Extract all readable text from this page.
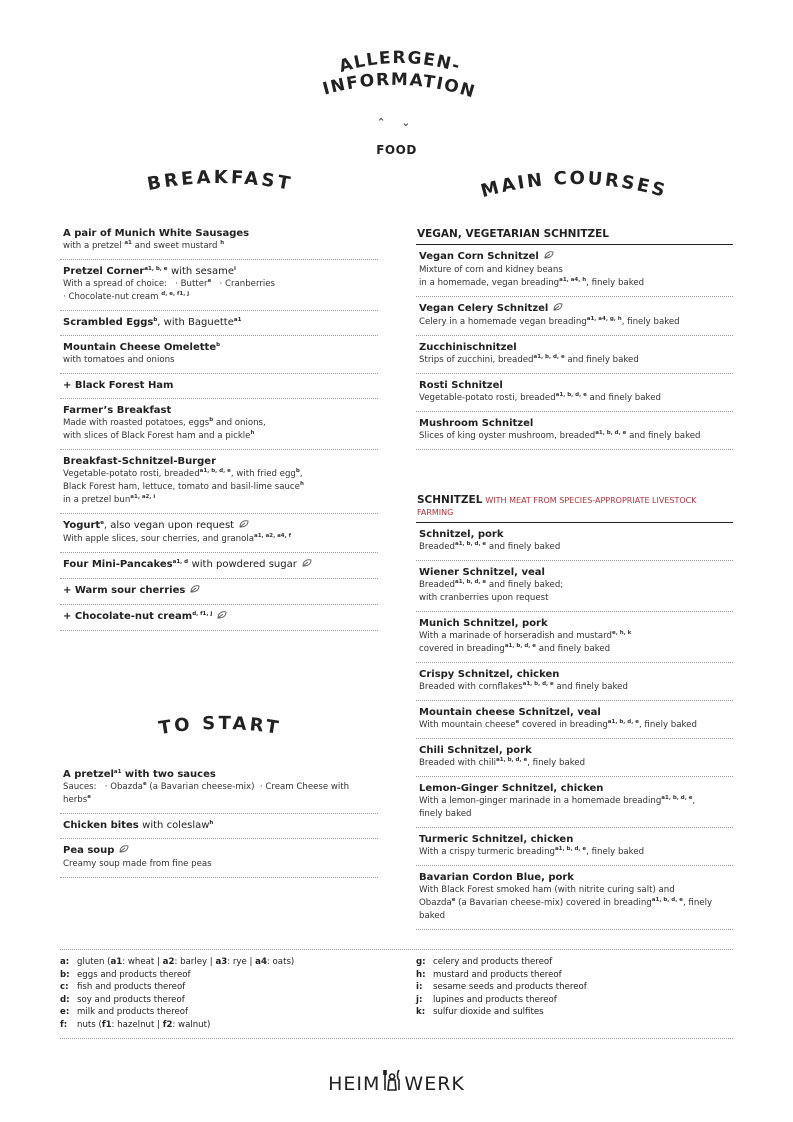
ALLERGEN-
INFORMATION
⌃ ⌄
FOOD
BREAKFAST	MAIN COURSES
TO START
A pair of Munich White Sausages
with a pretzel $^{a1}$ and sweet mustard $^h$
Pretzel Corner$^{a1, b, e}$ with sesame$^i$
With a spread of choice:   · Butter$^e$   · Cranberries
· Chocolate-nut cream $^{d, e, f1, j}$
Scrambled Eggs$^b$, with Baguette$^{a1}$
Mountain Cheese Omelette$^b$
with tomatoes and onions
+ Black Forest Ham
Farmer’s Breakfast
Made with roasted potatoes, eggs$^b$ and onions,
with slices of Black Forest ham and a pickle$^h$
Breakfast-Schnitzel-Burger
Vegetable-potato rosti, breaded$^{a1, b, d, e}$, with fried egg$^b$,
Black Forest ham, lettuce, tomato and basil-lime sauce$^h$
in a pretzel bun$^{a1, a2, i}$
Yogurt$^e$, also vegan upon request
With apple slices, sour cherries, and granola$^{a1, a2, a4, f}$
Four Mini-Pancakes$^{a1, d}$ with powdered sugar
+ Warm sour cherries
+ Chocolate-nut cream$^{d, f1, j}$
A pretzel$^{a1}$ with two sauces
Sauces:   · Obazda$^e$ (a Bavarian cheese-mix)  · Cream Cheese with herbs$^e$
Chicken bites with coleslaw$^h$
Pea soup
Creamy soup made from fine peas
VEGAN, VEGETARIAN SCHNITZEL
Vegan Corn Schnitzel
Mixture of corn and kidney beans
in a homemade, vegan breading$^{a1, a4, h}$, finely baked
Vegan Celery Schnitzel
Celery in a homemade vegan breading$^{a1, a4, g, h}$, finely baked
Zucchinischnitzel
Strips of zucchini, breaded$^{a1, b, d, e}$ and finely baked
Rosti Schnitzel
Vegetable-potato rosti, breaded$^{a1, b, d, e}$ and finely baked
Mushroom Schnitzel
Slices of king oyster mushroom, breaded$^{a1, b, d, e}$ and finely baked
SCHNITZEL WITH MEAT FROM SPECIES-APPROPRIATE LIVESTOCK FARMING
Schnitzel, pork
Breaded$^{a1, b, d, e}$ and finely baked
Wiener Schnitzel, veal
Breaded$^{a1, b, d, e}$ and finely baked;
with cranberries upon request
Munich Schnitzel, pork
With a marinade of horseradish and mustard$^{e, h, k}$
covered in breading$^{a1, b, d, e}$ and finely baked
Crispy Schnitzel, chicken
Breaded with cornflakes$^{a1, b, d, e}$ and finely baked
Mountain cheese Schnitzel, veal
With mountain cheese$^e$ covered in breading$^{a1, b, d, e}$, finely baked
Chili Schnitzel, pork
Breaded with chili$^{a1, b, d, e}$, finely baked
Lemon-Ginger Schnitzel, chicken
With a lemon-ginger marinade in a homemade breading$^{a1, b, d, e}$,
finely baked
Turmeric Schnitzel, chicken
With a crispy turmeric breading$^{a1, b, d, e}$, finely baked
Bavarian Cordon Blue, pork
With Black Forest smoked ham (with nitrite curing salt) and
Obazda$^e$ (a Bavarian cheese-mix) covered in breading$^{a1, b, d, e}$, finely baked
a: gluten (a1: wheat | a2: barley | a3: rye | a4: oats)
b: eggs and products thereof
c: fish and products thereof
d: soy and products thereof
e: milk and products thereof
f: nuts (f1: hazelnut | f2: walnut)
g: celery and products thereof
h: mustard and products thereof
i: sesame seeds and products thereof
j: lupines and products thereof
k: sulfur dioxide and sulfites
HEIM WERK
